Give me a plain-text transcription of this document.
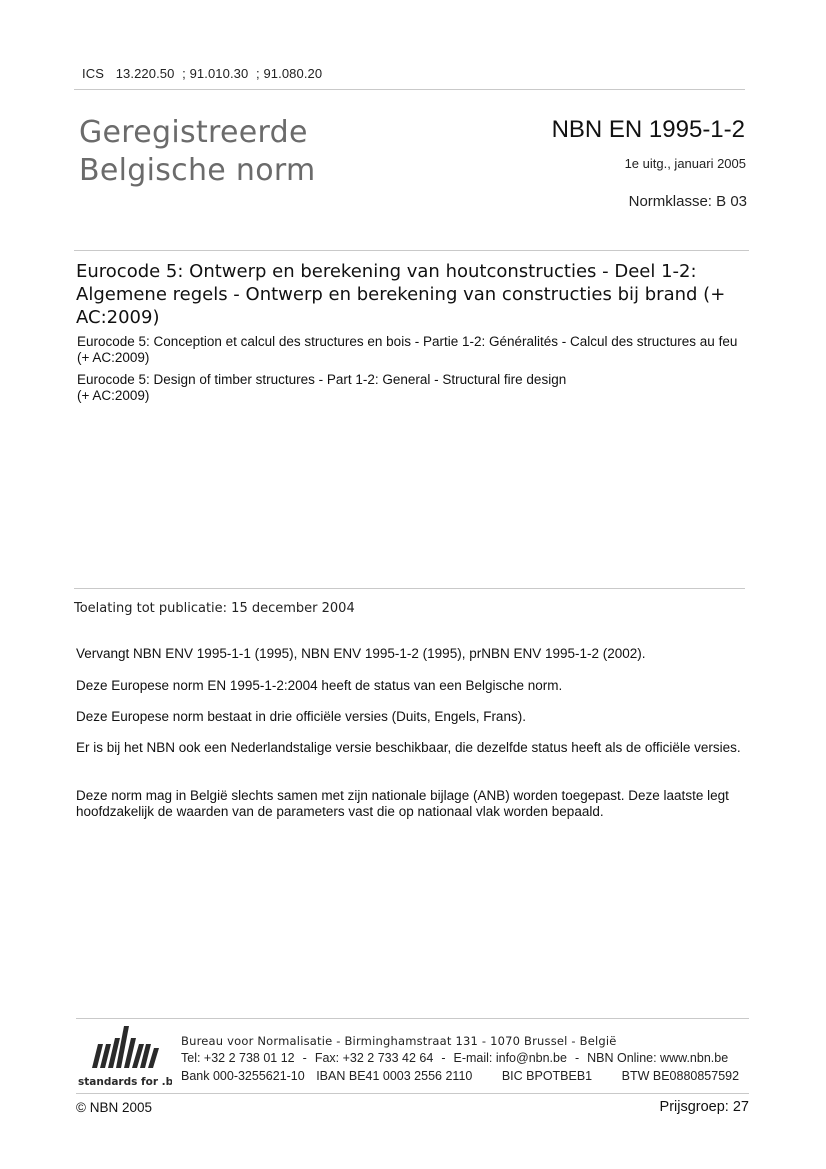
ICS 13.220.50 ; 91.010.30 ; 91.080.20
Geregistreerde
Belgische norm
NBN EN 1995-1-2
1e uitg., januari 2005
Normklasse: B 03
Eurocode 5: Ontwerp en berekening van houtconstructies - Deel 1-2: Algemene regels - Ontwerp en berekening van constructies bij brand (+ AC:2009)
Eurocode 5: Conception et calcul des structures en bois - Partie 1-2: Généralités - Calcul des structures au feu (+ AC:2009)
Eurocode 5: Design of timber structures - Part 1-2: General - Structural fire design
(+ AC:2009)
Toelating tot publicatie: 15 december 2004
Vervangt NBN ENV 1995-1-1 (1995), NBN ENV 1995-1-2 (1995), prNBN ENV 1995-1-2 (2002).
Deze Europese norm EN 1995-1-2:2004 heeft de status van een Belgische norm.
Deze Europese norm bestaat in drie officiële versies (Duits, Engels, Frans).
Er is bij het NBN ook een Nederlandstalige versie beschikbaar, die dezelfde status heeft als de officiële versies.
Deze norm mag in België slechts samen met zijn nationale bijlage (ANB) worden toegepast. Deze laatste legt hoofdzakelijk de waarden van de parameters vast die op nationaal vlak worden bepaald.
standards for .be
Bureau voor Normalisatie - Birminghamstraat 131 - 1070 Brussel - België
Tel: +32 2 738 01 12 - Fax: +32 2 733 42 64 - E-mail: info@nbn.be - NBN Online: www.nbn.be
Bank 000-3255621-10 IBAN BE41 0003 2556 2110 BIC BPOTBEB1 BTW BE0880857592
© NBN 2005	Prijsgroep: 27
